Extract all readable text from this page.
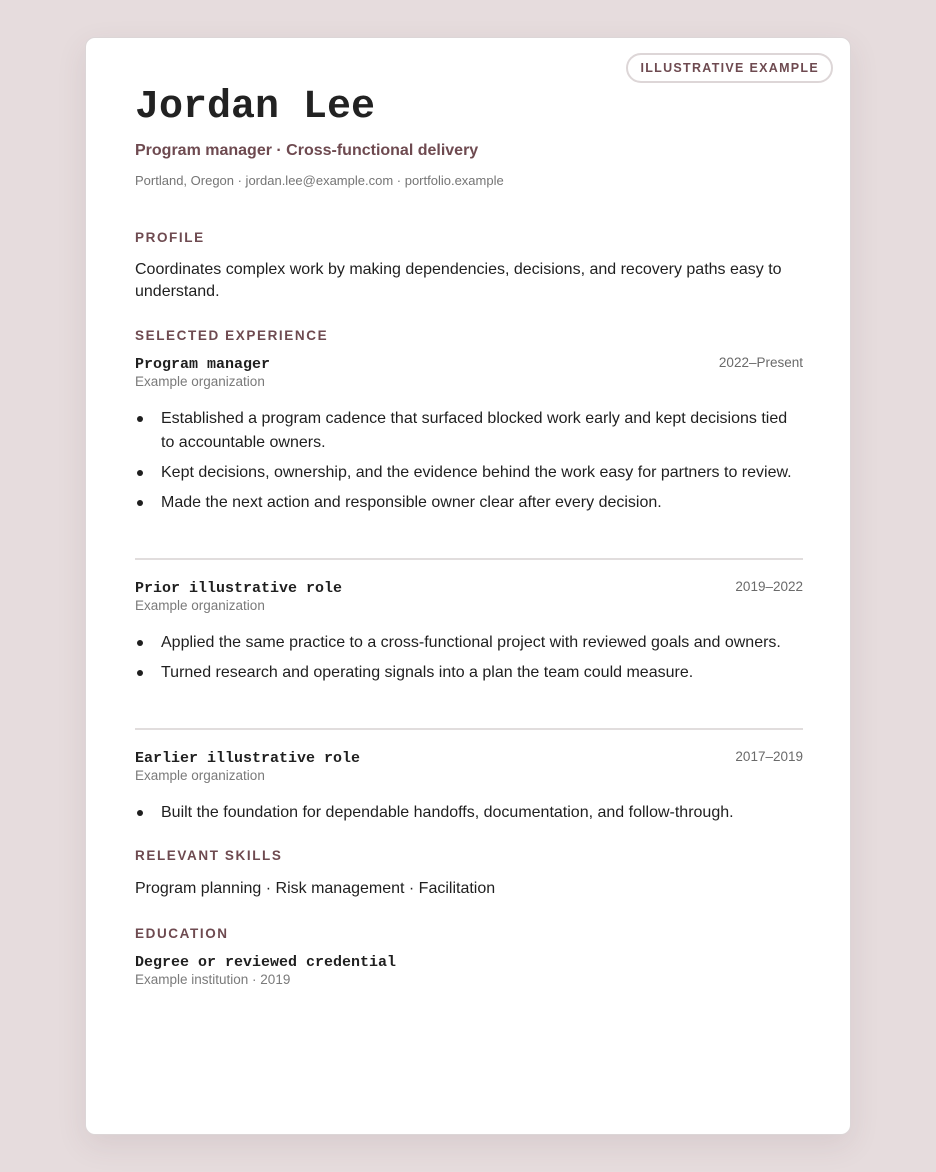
ILLUSTRATIVE EXAMPLE
Jordan Lee
Program manager · Cross-functional delivery
Portland, Oregon · jordan.lee@example.com · portfolio.example
PROFILE
Coordinates complex work by making dependencies, decisions, and recovery paths easy to understand.
SELECTED EXPERIENCE
Program manager	2022–Present
Example organization
Established a program cadence that surfaced blocked work early and kept decisions tied to accountable owners.
Kept decisions, ownership, and the evidence behind the work easy for partners to review.
Made the next action and responsible owner clear after every decision.
Prior illustrative role	2019–2022
Example organization
Applied the same practice to a cross-functional project with reviewed goals and owners.
Turned research and operating signals into a plan the team could measure.
Earlier illustrative role	2017–2019
Example organization
Built the foundation for dependable handoffs, documentation, and follow-through.
RELEVANT SKILLS
Program planning · Risk management · Facilitation
EDUCATION
Degree or reviewed credential
Example institution · 2019
